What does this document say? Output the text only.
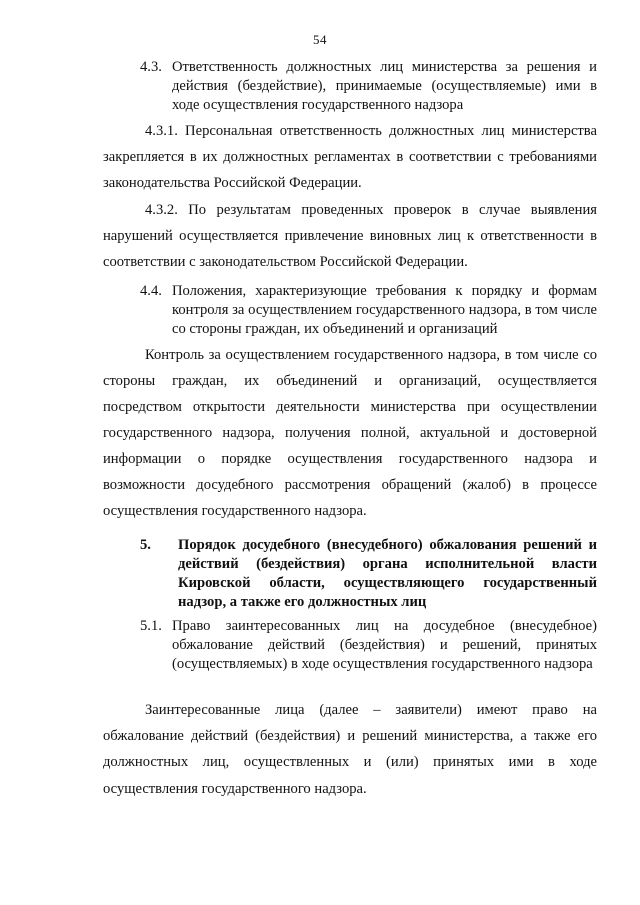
54
4.3. Ответственность должностных лиц министерства за решения и действия (бездействие), принимаемые (осуществляемые) ими в ходе осуществления государственного надзора
4.3.1. Персональная ответственность должностных лиц министерства закрепляется в их должностных регламентах в соответствии с требованиями законодательства Российской Федерации.
4.3.2. По результатам проведенных проверок в случае выявления нарушений осуществляется привлечение виновных лиц к ответственности в соответствии с законодательством Российской Федерации.
4.4. Положения, характеризующие требования к порядку и формам контроля за осуществлением государственного надзора, в том числе со стороны граждан, их объединений и организаций
Контроль за осуществлением государственного надзора, в том числе со стороны граждан, их объединений и организаций, осуществляется посредством открытости деятельности министерства при осуществлении государственного надзора, получения полной, актуальной и достоверной информации о порядке осуществления государственного надзора и возможности досудебного рассмотрения обращений (жалоб) в процессе осуществления государственного надзора.
5.	Порядок досудебного (внесудебного) обжалования решений и действий (бездействия) органа исполнительной власти Кировской области, осуществляющего государственный надзор, а также его должностных лиц
5.1. Право заинтересованных лиц на досудебное (внесудебное) обжалование действий (бездействия) и решений, принятых (осуществляемых) в ходе осуществления государственного надзора
Заинтересованные лица (далее – заявители) имеют право на обжалование действий (бездействия) и решений министерства, а также его должностных лиц, осуществленных и (или) принятых ими в ходе осуществления государственного надзора.
